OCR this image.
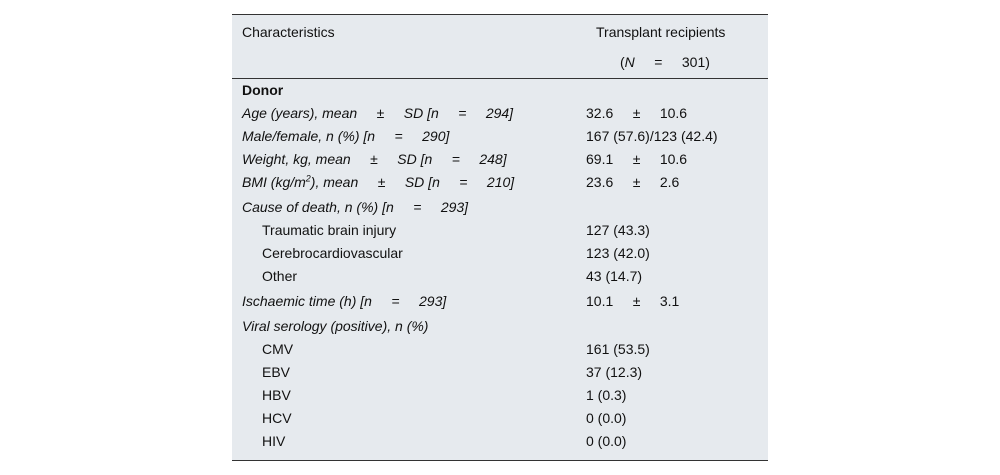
Characteristics	Transplant recipients
(N     =     301)
Donor
Age (years), mean     ±     SD [n     =     294]	32.6     ±     10.6
Male/female, n (%) [n     =     290]	167 (57.6)/123 (42.4)
Weight, kg, mean     ±     SD [n     =     248]	69.1     ±     10.6
BMI $(kg/m^2)$, mean     ±     SD [n     =     210]	23.6     ±     2.6
Cause of death, n (%) [n     =     293]
Traumatic brain injury	127 (43.3)
Cerebrocardiovascular	123 (42.0)
Other	43 (14.7)
Ischaemic time (h) [n     =     293]	10.1     ±     3.1
Viral serology (positive), n (%)
CMV	161 (53.5)
EBV	37 (12.3)
HBV	1 (0.3)
HCV	0 (0.0)
HIV	0 (0.0)
